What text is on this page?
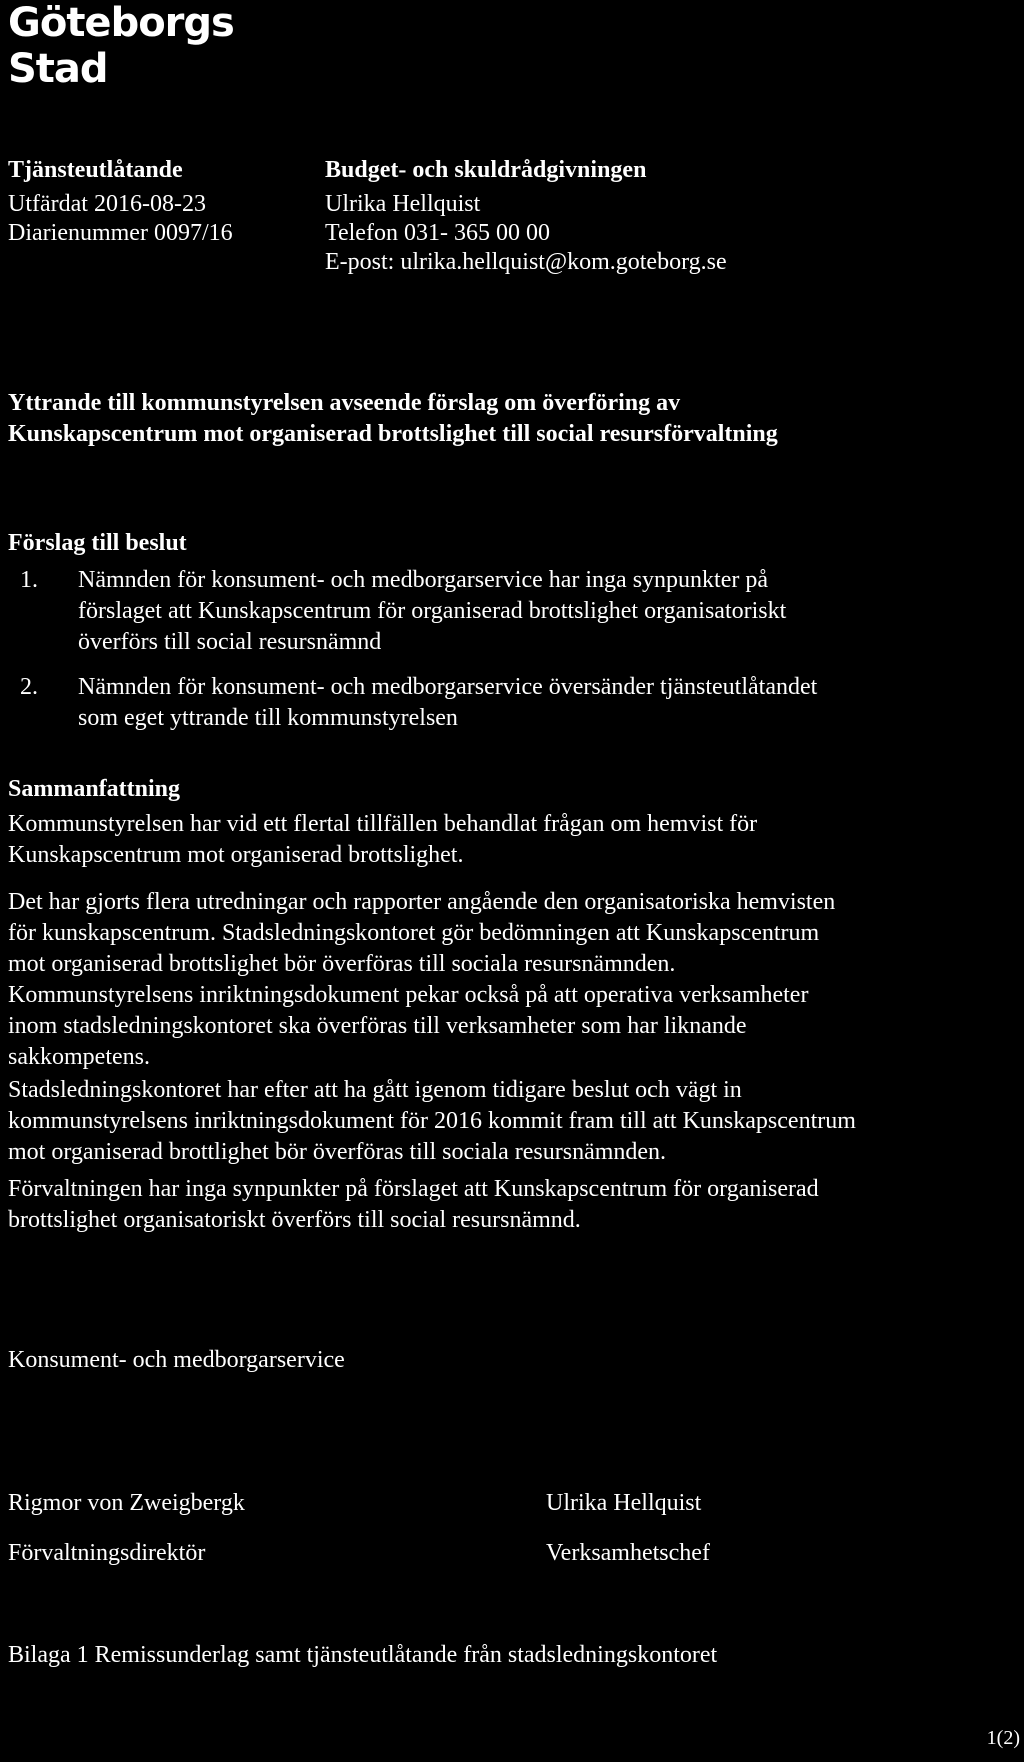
Göteborgs
Stad
Tjänsteutlåtande
Utfärdat 2016-08-23
Diarienummer 0097/16
Budget- och skuldrådgivningen
Ulrika Hellquist
Telefon 031- 365 00 00
E-post: ulrika.hellquist@kom.goteborg.se
Yttrande till kommunstyrelsen avseende förslag om överföring av
Kunskapscentrum mot organiserad brottslighet till social resursförvaltning
Förslag till beslut
1. Nämnden för konsument- och medborgarservice har inga synpunkter på
förslaget att Kunskapscentrum för organiserad brottslighet organisatoriskt
överförs till social resursnämnd
2. Nämnden för konsument- och medborgarservice översänder tjänsteutlåtandet
som eget yttrande till kommunstyrelsen
Sammanfattning
Kommunstyrelsen har vid ett flertal tillfällen behandlat frågan om hemvist för
Kunskapscentrum mot organiserad brottslighet.
Det har gjorts flera utredningar och rapporter angående den organisatoriska hemvisten
för kunskapscentrum. Stadsledningskontoret gör bedömningen att Kunskapscentrum
mot organiserad brottslighet bör överföras till sociala resursnämnden.
Kommunstyrelsens inriktningsdokument pekar också på att operativa verksamheter
inom stadsledningskontoret ska överföras till verksamheter som har liknande
sakkompetens.
Stadsledningskontoret har efter att ha gått igenom tidigare beslut och vägt in
kommunstyrelsens inriktningsdokument för 2016 kommit fram till att Kunskapscentrum
mot organiserad brottlighet bör överföras till sociala resursnämnden.
Förvaltningen har inga synpunkter på förslaget att Kunskapscentrum för organiserad
brottslighet organisatoriskt överförs till social resursnämnd.

Konsument- och medborgarservice

Rigmor von Zweigbergk
Förvaltningsdirektör
Ulrika Hellquist
Verksamhetschef

Bilaga 1 Remissunderlag samt tjänsteutlåtande från stadsledningskontoret

1(2)
